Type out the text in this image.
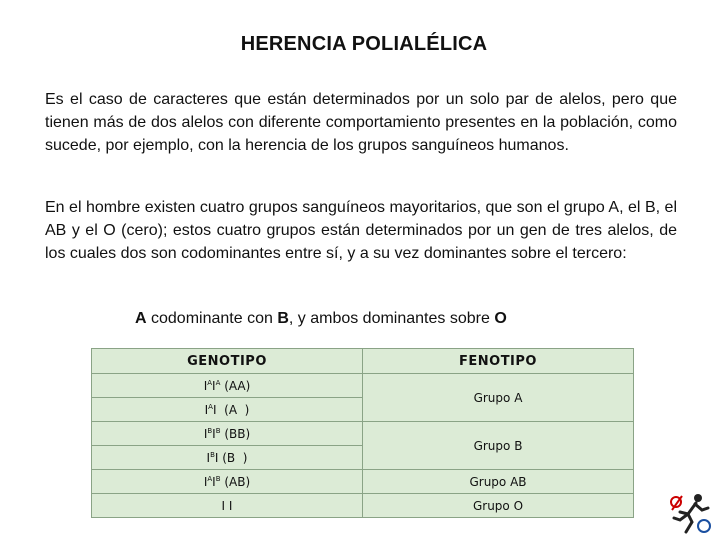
HERENCIA POLIALÉLICA
Es el caso de caracteres que están determinados por un solo par de alelos, pero que tienen más de dos alelos con diferente comportamiento presentes en la población, como sucede, por ejemplo, con la herencia de los grupos sanguíneos humanos.
En el hombre existen cuatro grupos sanguíneos mayoritarios, que son el grupo A, el B, el AB y el O (cero); estos cuatro grupos están determinados por un gen de tres alelos, de los cuales dos son codominantes entre sí, y a su vez dominantes sobre el tercero:
A codominante con B, y ambos dominantes sobre O
GENOTIPO	FENOTIPO
$I^AI^A$ (AA)	Grupo A
$I^AI$  (A  )	
$I^BI^B$ (BB)	Grupo B
$I^BI$ (B  )	
$I^AI^B$ (AB)	Grupo AB
I I	Grupo O
